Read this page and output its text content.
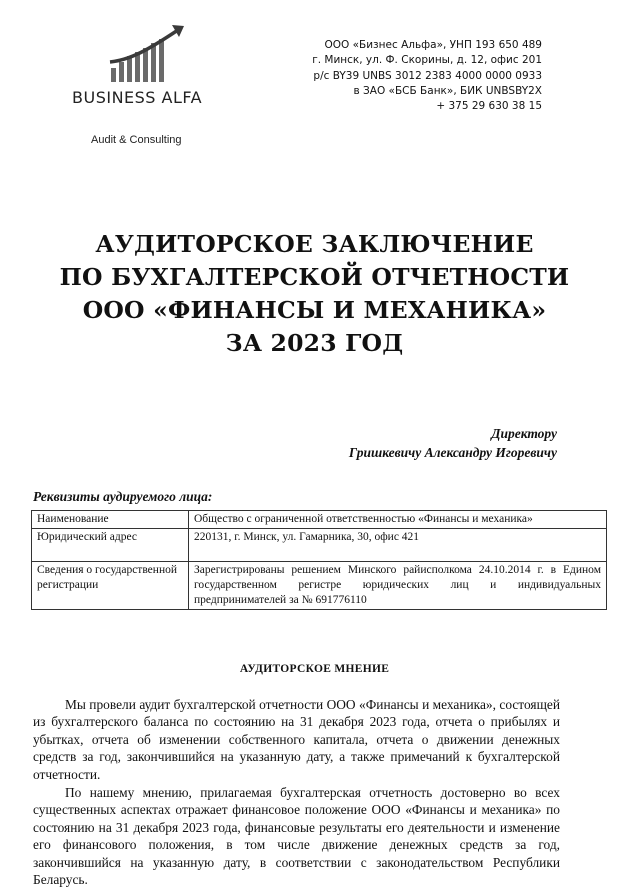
BUSINESS ALFA
Audit & Consulting
ООО «Бизнес Альфа», УНП 193 650 489
г. Минск, ул. Ф. Скорины, д. 12, офис 201
р/с BY39 UNBS 3012 2383 4000 0000 0933
в ЗАО «БСБ Банк», БИК UNBSBY2X
+ 375 29 630 38 15
АУДИТОРСКОЕ ЗАКЛЮЧЕНИЕ
ПО БУХГАЛТЕРСКОЙ ОТЧЕТНОСТИ
ООО «ФИНАНСЫ И МЕХАНИКА»
ЗА 2023 ГОД
Директору
Гришкевичу Александру Игоревичу
Реквизиты аудируемого лица:
Наименование	Общество с ограниченной ответственностью «Финансы и механика»
Юридический адрес	220131, г. Минск, ул. Гамарника, 30, офис 421
Сведения о государственной регистрации	Зарегистрированы решением Минского райисполкома 24.10.2014 г. в Едином государственном регистре юридических лиц и индивидуальных предпринимателей за № 691776110
АУДИТОРСКОЕ МНЕНИЕ

Мы провели аудит бухгалтерской отчетности ООО «Финансы и механика», состоящей из бухгалтерского баланса по состоянию на 31 декабря 2023 года, отчета о прибылях и убытках, отчета об изменении собственного капитала, отчета о движении денежных средств за год, закончившийся на указанную дату, а также примечаний к бухгалтерской отчетности.

По нашему мнению, прилагаемая бухгалтерская отчетность достоверно во всех существенных аспектах отражает финансовое положение ООО «Финансы и механика» по состоянию на 31 декабря 2023 года, финансовые результаты его деятельности и изменение его финансового положения, в том числе движение денежных средств за год, закончившийся на указанную дату, в соответствии с законодательством Республики Беларусь.
